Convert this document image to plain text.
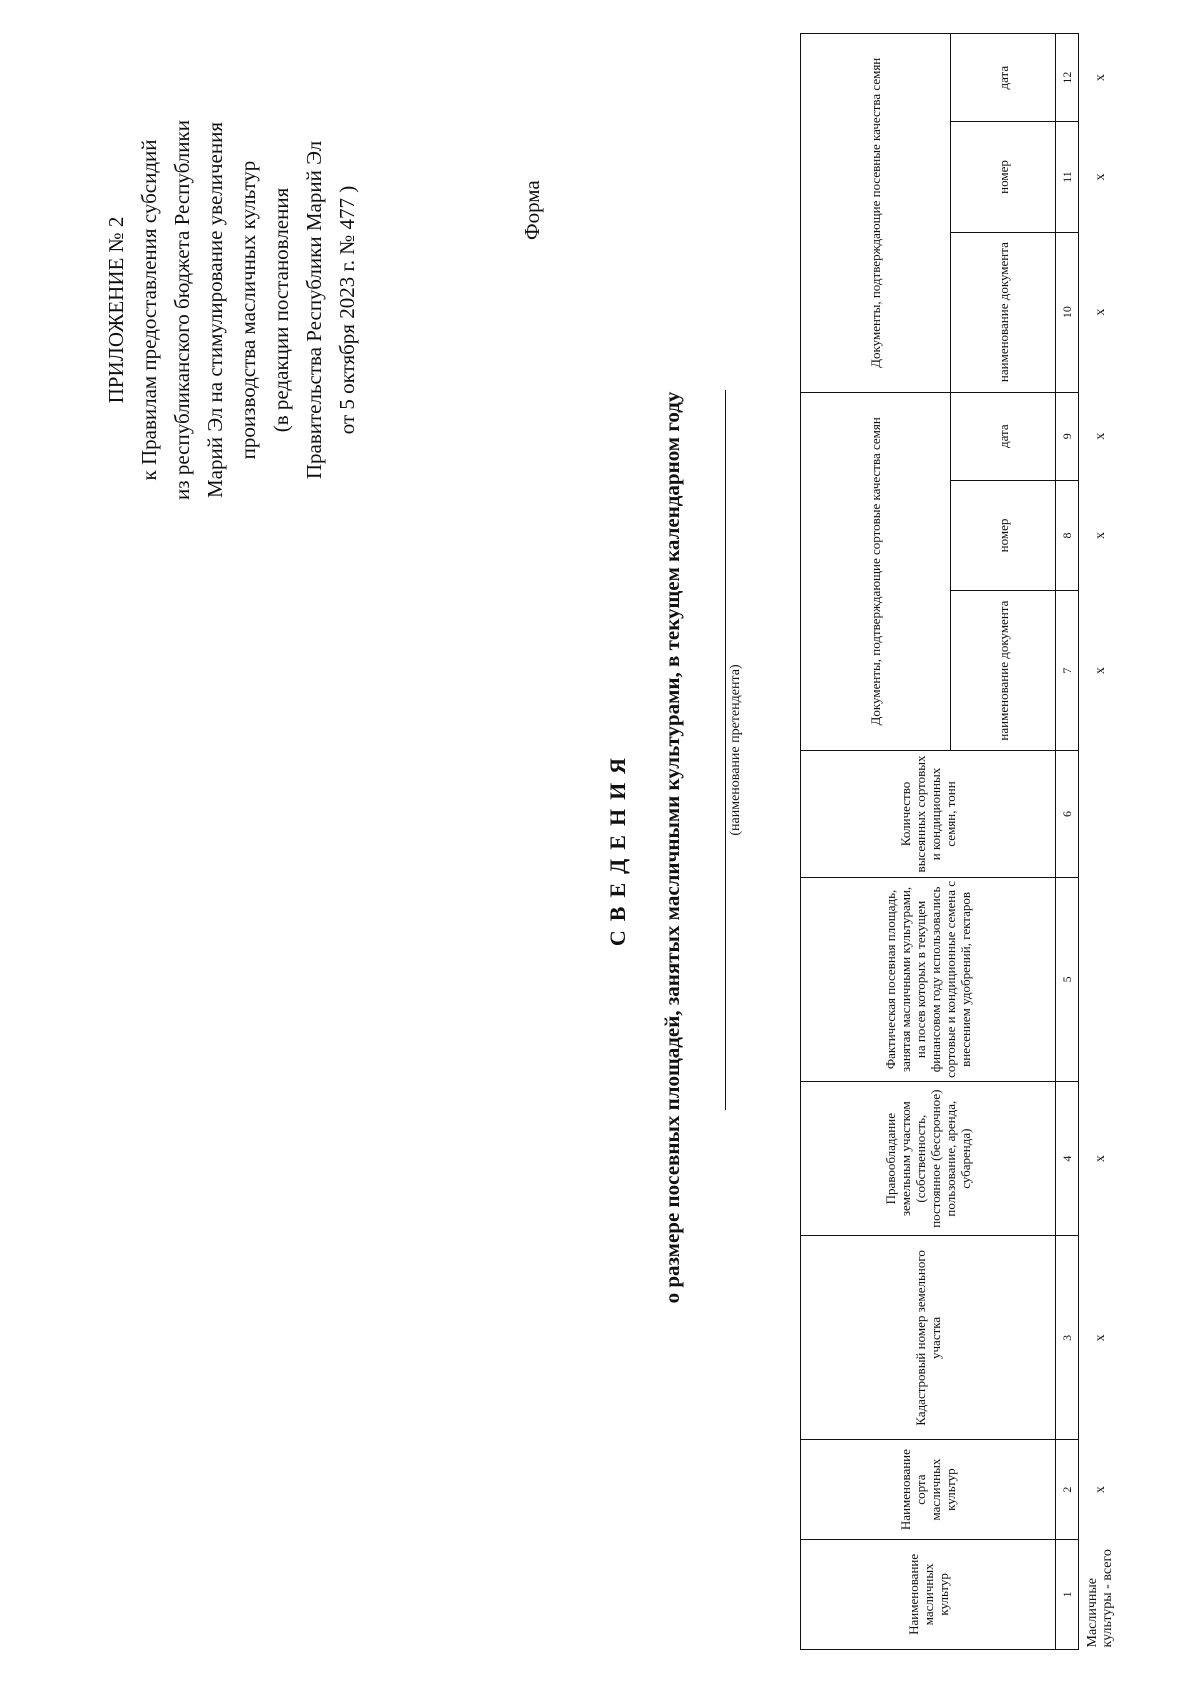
ПРИЛОЖЕНИЕ № 2 к Правилам предоставления субсидий из республиканского бюджета Республики Марий Эл на стимулирование увеличения производства масличных культур (в редакции постановления Правительства Республики Марий Эл от 5 октября 2023 г. № 477 )	Форма
СВЕДЕНИЯ о размере посевных площадей, занятых масличными культурами, в текущем календарном году	(наименование претендента)
Наименование масличных культур	Наименование сорта масличных культур	Кадастровый номер земельного участка	Правообладание земельным участком (собственность, постоянное (бессрочное) пользование, аренда, субаренда)	Фактическая посевная площадь, занятая масличными культурами, на посев которых в текущем финансовом году использовались сортовые и кондиционные семена с внесением удобрений, гектаров	Количество высеянных сортовых и кондиционных семян, тонн	Документы, подтверждающие сортовые качества семян			Документы, подтверждающие посевные качества семян		
						наименование документа	номер	дата	наименование документа	номер	дата
1	2	3	4	5	6	7	8	9	10	11	12
Масличные культуры - всего	х	х	х			х	х	х	х	х	х
